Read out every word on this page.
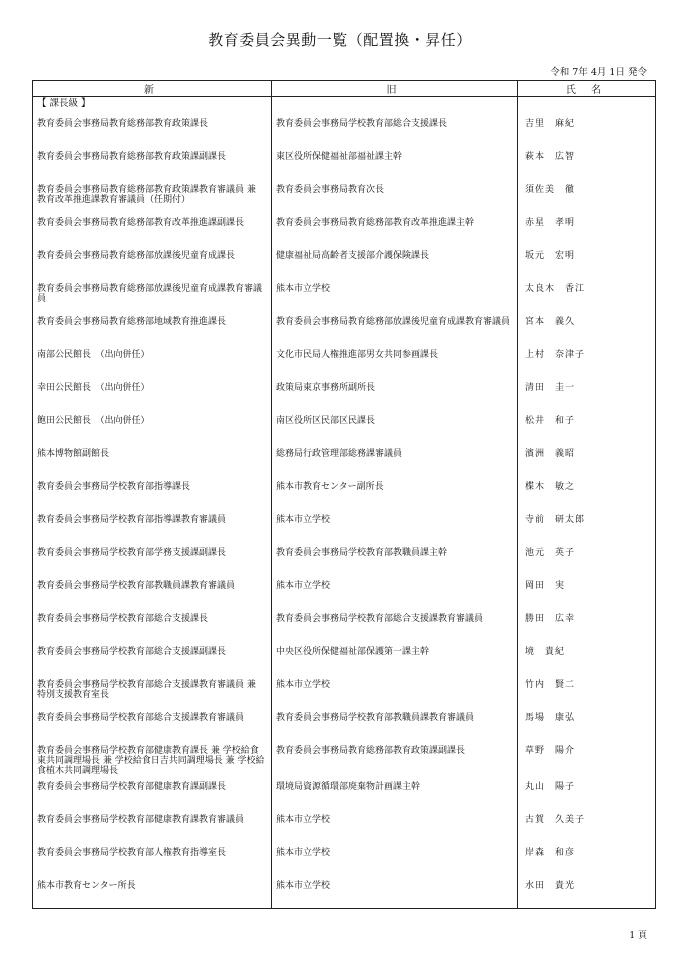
教育委員会異動一覧（配置換・昇任）
令和 7年 4月 1日 発令
新	旧	氏 名
【 課長級 】		
教育委員会事務局教育総務部教育政策課長	教育委員会事務局学校教育部総合支援課長	吉里　麻紀
教育委員会事務局教育総務部教育政策課副課長	東区役所保健福祉部福祉課主幹	萩本　広智
教育委員会事務局教育総務部教育政策課教育審議員 兼 教育改革推進課教育審議員（任期付）	教育委員会事務局教育次長	須佐美　徹
教育委員会事務局教育総務部教育改革推進課副課長	教育委員会事務局教育総務部教育改革推進課主幹	赤星　孝明
教育委員会事務局教育総務部放課後児童育成課長	健康福祉局高齢者支援部介護保険課長	坂元　宏明
教育委員会事務局教育総務部放課後児童育成課教育審議員	熊本市立学校	太良木　香江
教育委員会事務局教育総務部地域教育推進課長	教育委員会事務局教育総務部放課後児童育成課教育審議員	宮本　義久
南部公民館長　（出向併任）	文化市民局人権推進部男女共同参画課長	上村　奈津子
幸田公民館長　（出向併任）	政策局東京事務所副所長	清田　圭一
飽田公民館長　（出向併任）	南区役所区民部区民課長	松井　和子
熊本博物館副館長	総務局行政管理部総務課審議員	濱洲　義昭
教育委員会事務局学校教育部指導課長	熊本市教育センター副所長	楪木　敏之
教育委員会事務局学校教育部指導課教育審議員	熊本市立学校	寺前　研太郎
教育委員会事務局学校教育部学務支援課副課長	教育委員会事務局学校教育部教職員課主幹	池元　英子
教育委員会事務局学校教育部教職員課教育審議員	熊本市立学校	岡田　実
教育委員会事務局学校教育部総合支援課長	教育委員会事務局学校教育部総合支援課教育審議員	勝田　広幸
教育委員会事務局学校教育部総合支援課副課長	中央区役所保健福祉部保護第一課主幹	境　貴紀
教育委員会事務局学校教育部総合支援課教育審議員 兼 特別支援教育室長	熊本市立学校	竹内　賢二
教育委員会事務局学校教育部総合支援課教育審議員	教育委員会事務局学校教育部教職員課教育審議員	馬場　康弘
教育委員会事務局学校教育部健康教育課長 兼 学校給食東共同調理場長 兼 学校給食日吉共同調理場長 兼 学校給食植木共同調理場長	教育委員会事務局教育総務部教育政策課副課長	草野　陽介
教育委員会事務局学校教育部健康教育課副課長	環境局資源循環部廃棄物計画課主幹	丸山　陽子
教育委員会事務局学校教育部健康教育課教育審議員	熊本市立学校	古賀　久美子
教育委員会事務局学校教育部人権教育指導室長	熊本市立学校	岸森　和彦
熊本市教育センター所長	熊本市立学校	水田　貴光
1 頁
